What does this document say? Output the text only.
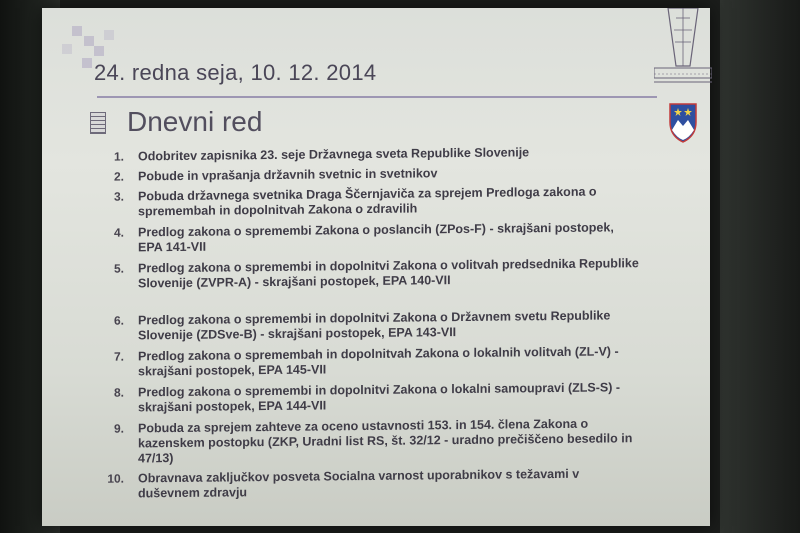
24. redna seja, 10. 12. 2014
Dnevni red
1.	Odobritev zapisnika 23. seje Državnega sveta Republike Slovenije
2.	Pobude in vprašanja državnih svetnic in svetnikov
3.	Pobuda državnega svetnika Draga Ščernjaviča za sprejem Predloga zakona o spremembah in dopolnitvah Zakona o zdravilih
4.	Predlog zakona o spremembi Zakona o poslancih (ZPos-F) - skrajšani postopek, EPA 141-VII
5.	Predlog zakona o spremembi in dopolnitvi Zakona o volitvah predsednika Republike Slovenije (ZVPR-A) - skrajšani postopek, EPA 140-VII
6.	Predlog zakona o spremembi in dopolnitvi Zakona o Državnem svetu Republike Slovenije (ZDSve-B) - skrajšani postopek, EPA 143-VII
7.	Predlog zakona o spremembah in dopolnitvah Zakona o lokalnih volitvah (ZL-V) - skrajšani postopek, EPA 145-VII
8.	Predlog zakona o spremembi in dopolnitvi Zakona o lokalni samoupravi (ZLS-S) - skrajšani postopek, EPA 144-VII
9.	Pobuda za sprejem zahteve za oceno ustavnosti 153. in 154. člena Zakona o kazenskem postopku (ZKP, Uradni list RS, št. 32/12 - uradno prečiščeno besedilo in 47/13)
10.	Obravnava zaključkov posveta Socialna varnost uporabnikov s težavami v duševnem zdravju
